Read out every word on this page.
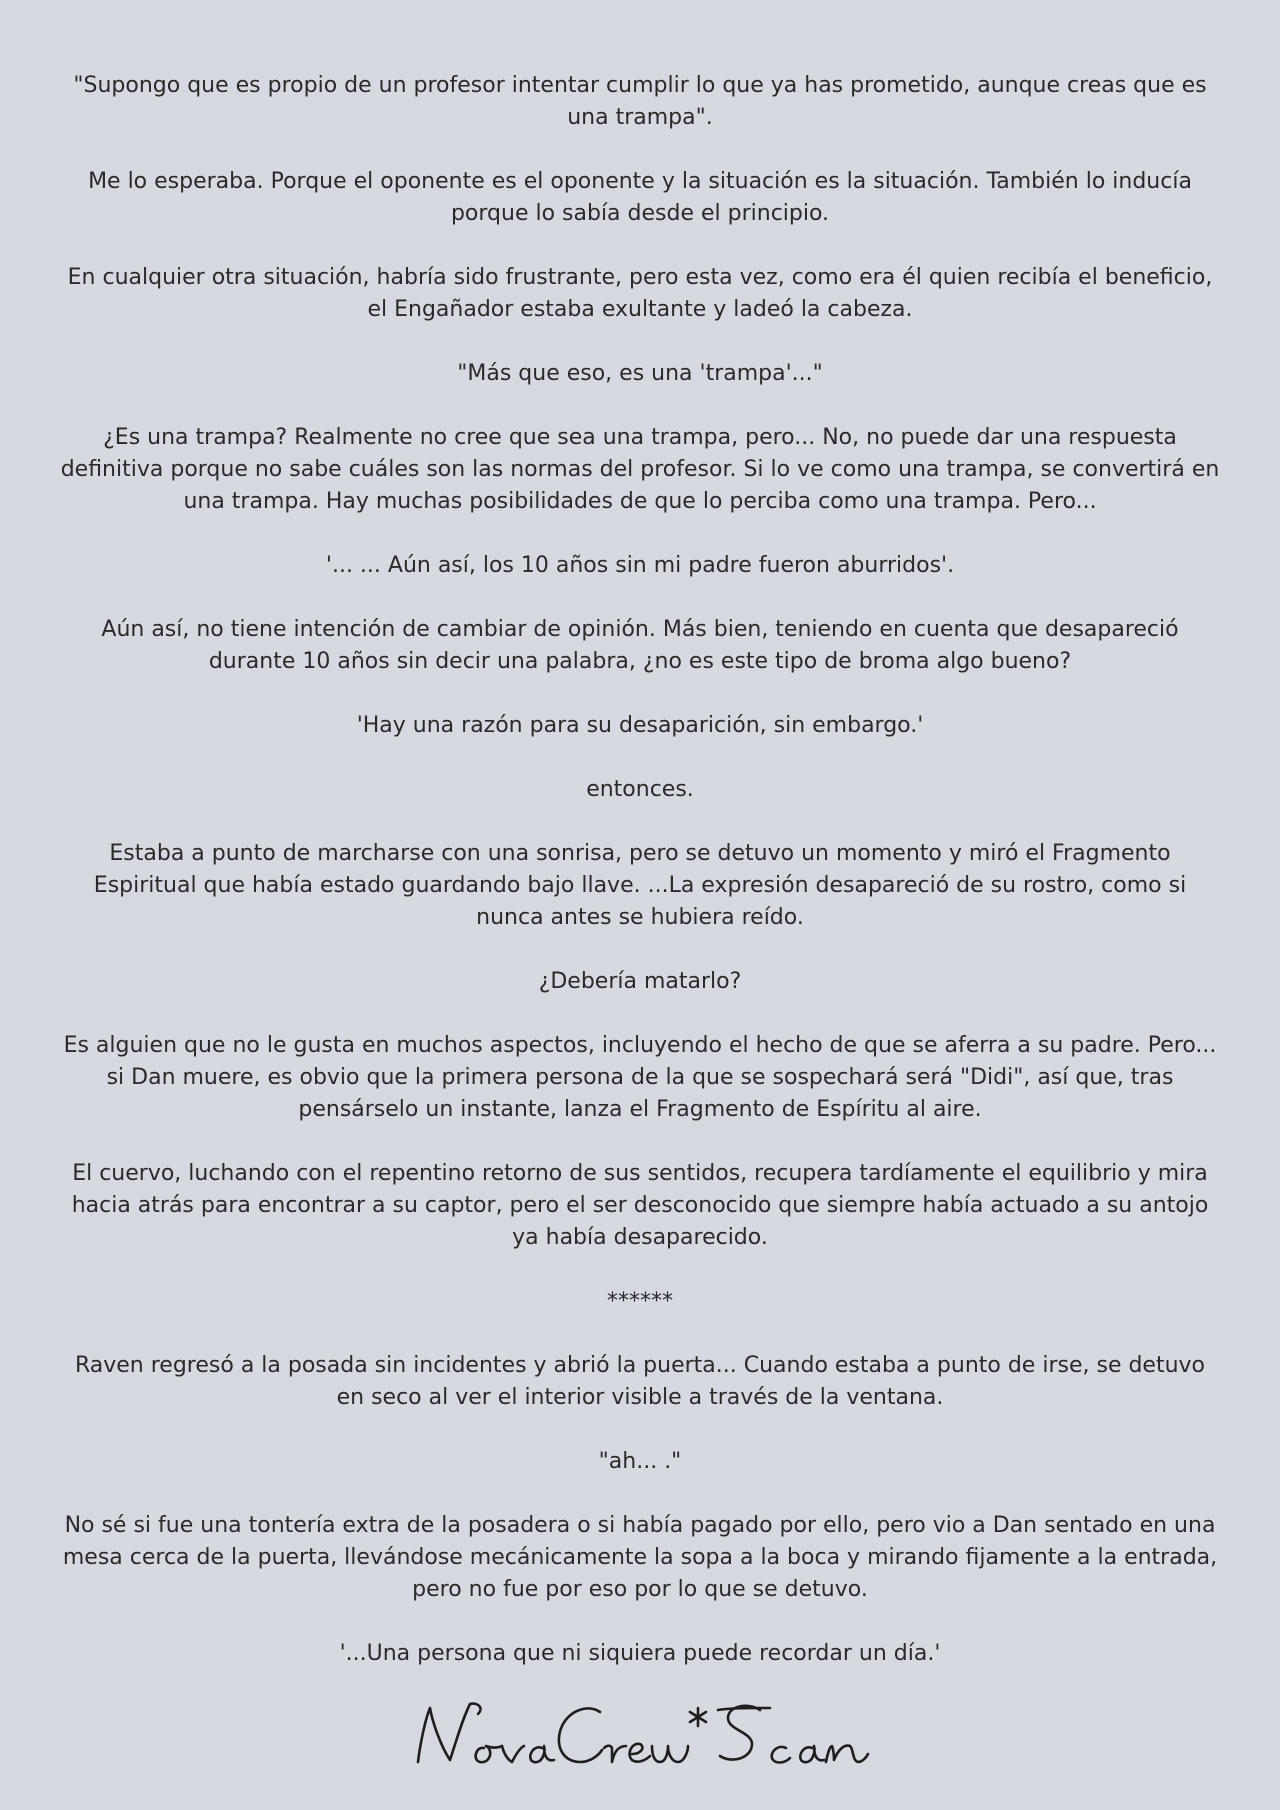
"Supongo que es propio de un profesor intentar cumplir lo que ya has prometido, aunque creas que es una trampa".

Me lo esperaba. Porque el oponente es el oponente y la situación es la situación. También lo inducía porque lo sabía desde el principio.

En cualquier otra situación, habría sido frustrante, pero esta vez, como era él quien recibía el beneficio, el Engañador estaba exultante y ladeó la cabeza.

"Más que eso, es una 'trampa'..."

¿Es una trampa? Realmente no cree que sea una trampa, pero... No, no puede dar una respuesta definitiva porque no sabe cuáles son las normas del profesor. Si lo ve como una trampa, se convertirá en una trampa. Hay muchas posibilidades de que lo perciba como una trampa. Pero...

'... ... Aún así, los 10 años sin mi padre fueron aburridos'.

Aún así, no tiene intención de cambiar de opinión. Más bien, teniendo en cuenta que desapareció durante 10 años sin decir una palabra, ¿no es este tipo de broma algo bueno?

'Hay una razón para su desaparición, sin embargo.'

entonces.

Estaba a punto de marcharse con una sonrisa, pero se detuvo un momento y miró el Fragmento Espiritual que había estado guardando bajo llave. ...La expresión desapareció de su rostro, como si nunca antes se hubiera reído.

¿Debería matarlo?

Es alguien que no le gusta en muchos aspectos, incluyendo el hecho de que se aferra a su padre. Pero... si Dan muere, es obvio que la primera persona de la que se sospechará será "Didi", así que, tras pensárselo un instante, lanza el Fragmento de Espíritu al aire.

El cuervo, luchando con el repentino retorno de sus sentidos, recupera tardíamente el equilibrio y mira hacia atrás para encontrar a su captor, pero el ser desconocido que siempre había actuado a su antojo ya había desaparecido.

******

Raven regresó a la posada sin incidentes y abrió la puerta... Cuando estaba a punto de irse, se detuvo en seco al ver el interior visible a través de la ventana.

"ah... ."

No sé si fue una tontería extra de la posadera o si había pagado por ello, pero vio a Dan sentado en una mesa cerca de la puerta, llevándose mecánicamente la sopa a la boca y mirando fijamente a la entrada, pero no fue por eso por lo que se detuvo.

'...Una persona que ni siquiera puede recordar un día.'
